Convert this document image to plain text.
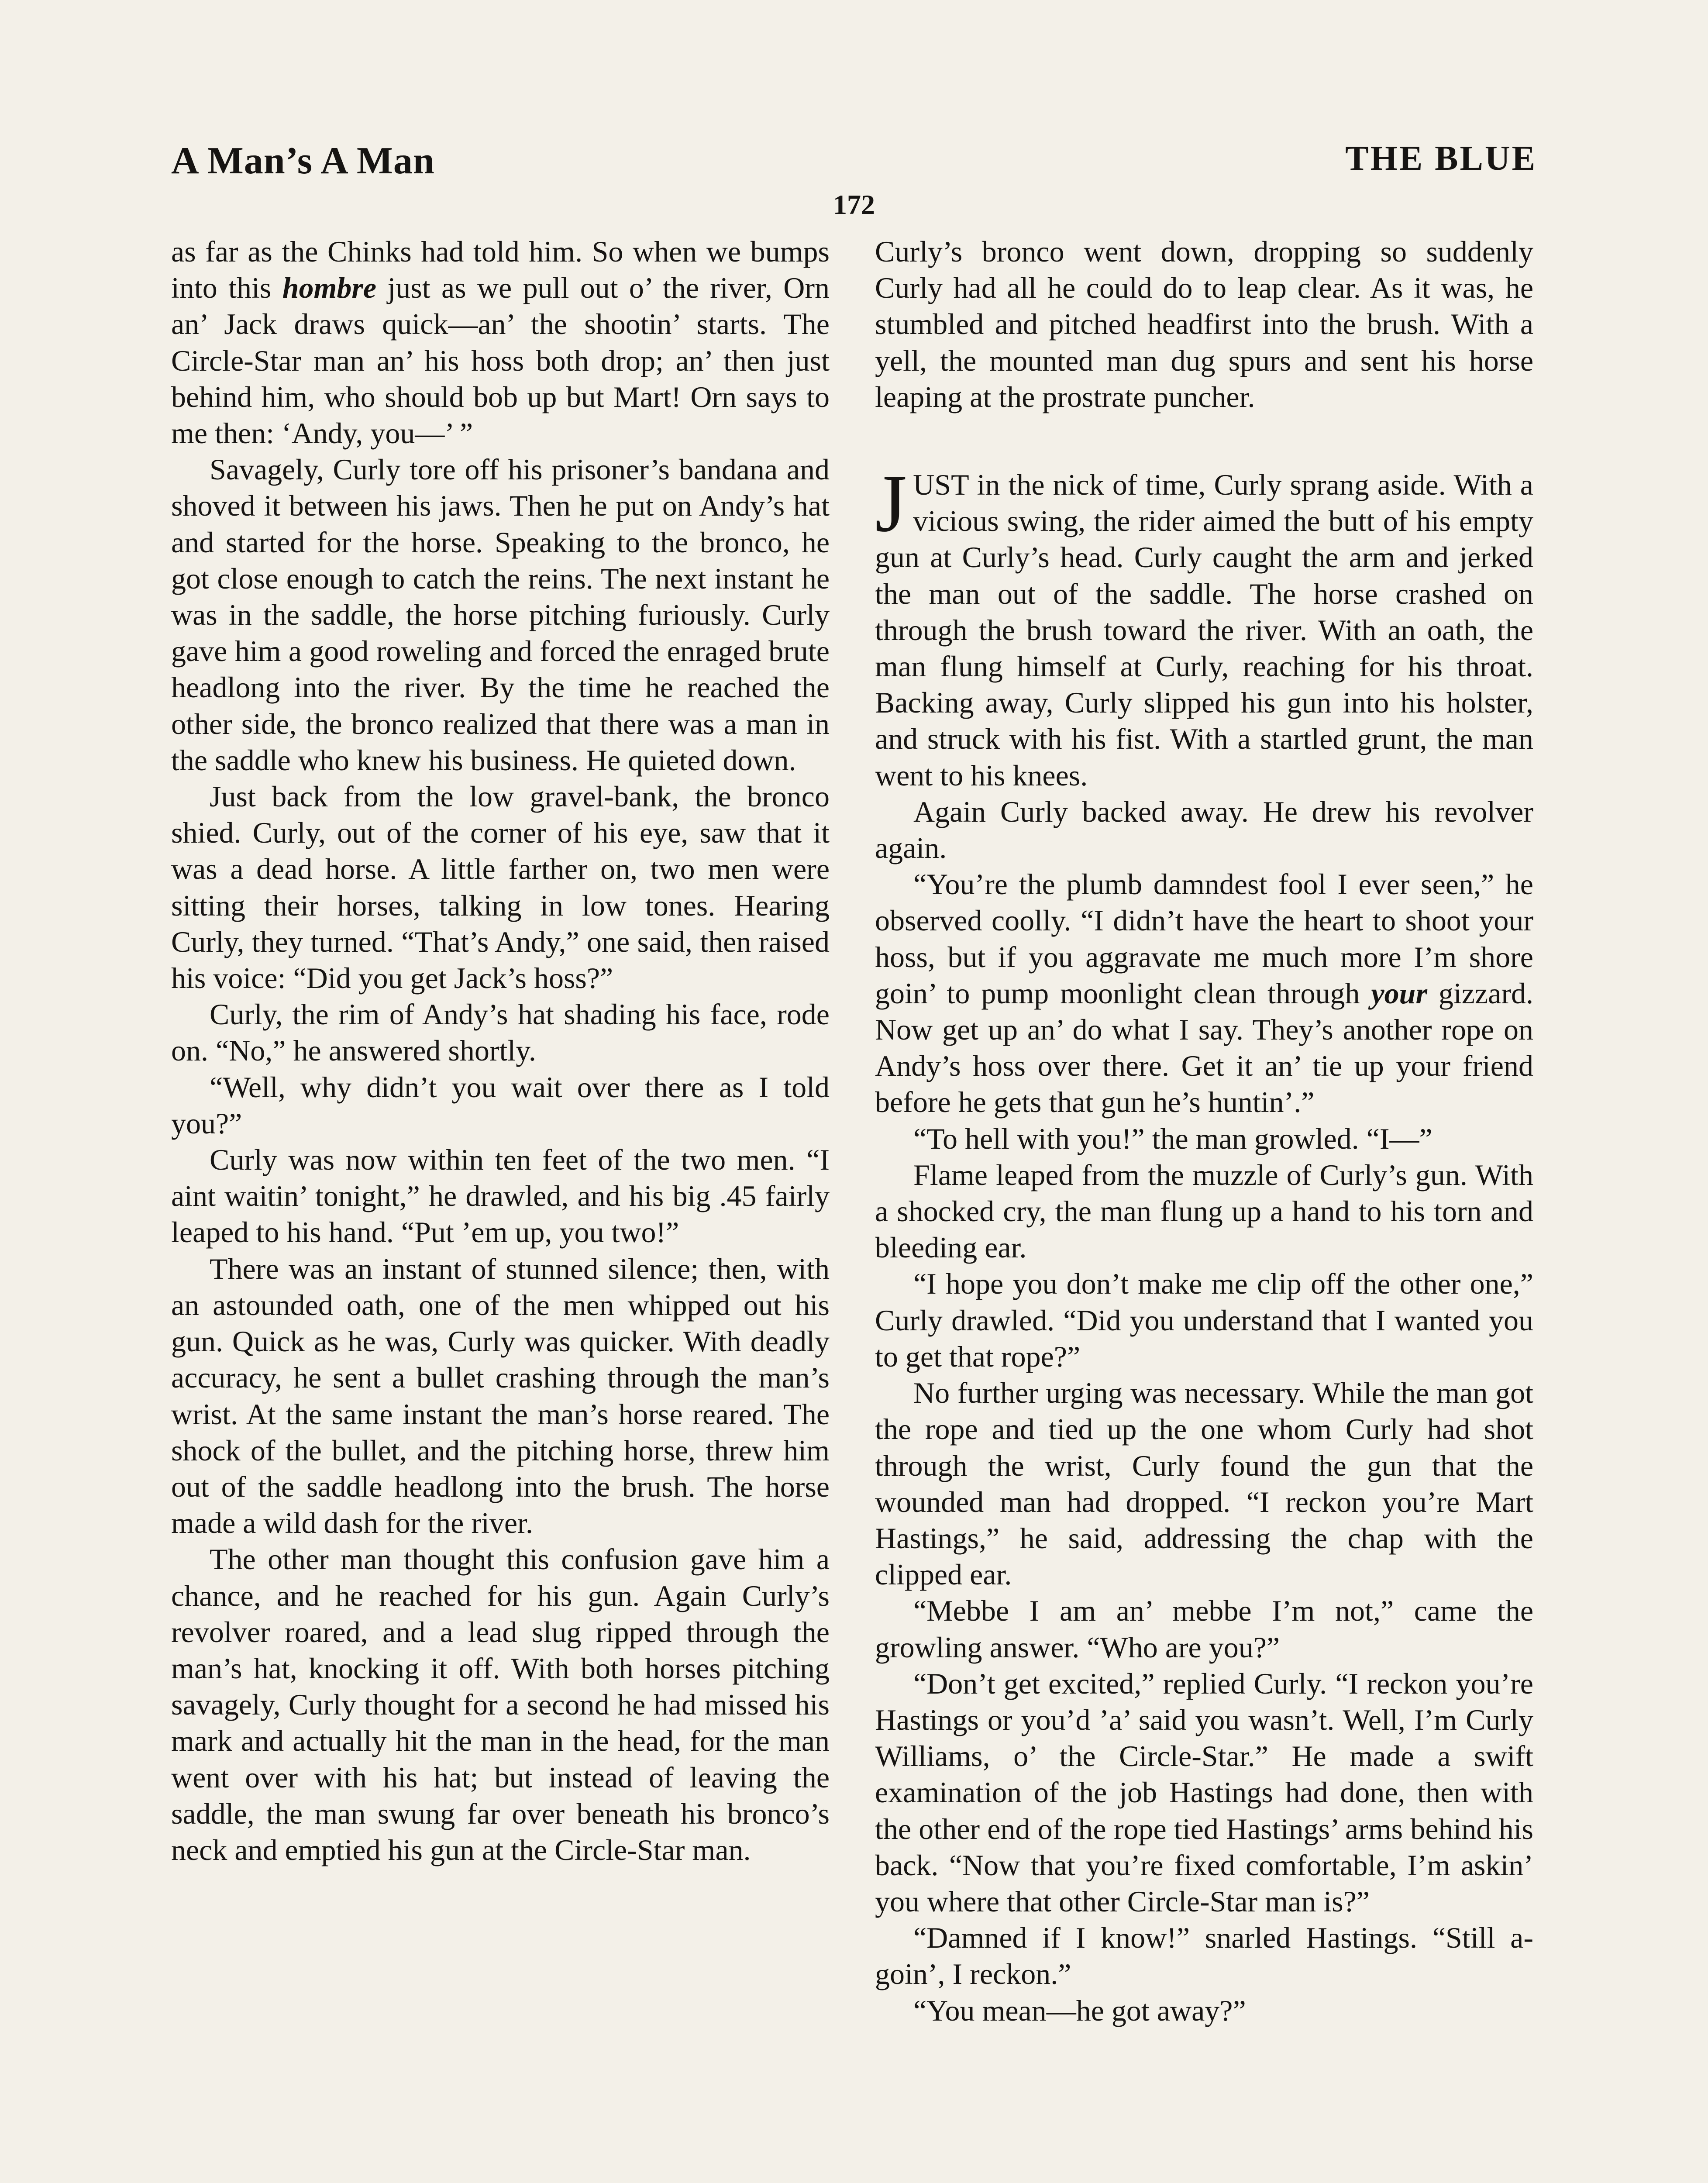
A Man’s A Man	THE BLUE
172

as far as the Chinks had told him. So when we bumps into this hombre just as we pull out o’ the river, Orn an’ Jack draws quick—an’ the shootin’ starts. The Circle-Star man an’ his hoss both drop; an’ then just behind him, who should bob up but Mart! Orn says to me then: ‘Andy, you—’ ”

Savagely, Curly tore off his prisoner’s bandana and shoved it between his jaws. Then he put on Andy’s hat and started for the horse. Speaking to the bronco, he got close enough to catch the reins. The next instant he was in the saddle, the horse pitching furiously. Curly gave him a good roweling and forced the enraged brute headlong into the river. By the time he reached the other side, the bronco realized that there was a man in the saddle who knew his business. He quieted down.

Just back from the low gravel-bank, the bronco shied. Curly, out of the corner of his eye, saw that it was a dead horse. A little farther on, two men were sitting their horses, talking in low tones. Hearing Curly, they turned. “That’s Andy,” one said, then raised his voice: “Did you get Jack’s hoss?”

Curly, the rim of Andy’s hat shading his face, rode on. “No,” he answered shortly.

“Well, why didn’t you wait over there as I told you?”

Curly was now within ten feet of the two men. “I aint waitin’ tonight,” he drawled, and his big .45 fairly leaped to his hand. “Put ’em up, you two!”

There was an instant of stunned silence; then, with an astounded oath, one of the men whipped out his gun. Quick as he was, Curly was quicker. With deadly accuracy, he sent a bullet crashing through the man’s wrist. At the same instant the man’s horse reared. The shock of the bullet, and the pitching horse, threw him out of the saddle headlong into the brush. The horse made a wild dash for the river.

The other man thought this confusion gave him a chance, and he reached for his gun. Again Curly’s revolver roared, and a lead slug ripped through the man’s hat, knocking it off. With both horses pitching savagely, Curly thought for a second he had missed his mark and actually hit the man in the head, for the man went over with his hat; but instead of leaving the saddle, the man swung far over beneath his bronco’s neck and emptied his gun at the Circle-Star man.

Curly’s bronco went down, dropping so suddenly Curly had all he could do to leap clear. As it was, he stumbled and pitched headfirst into the brush. With a yell, the mounted man dug spurs and sent his horse leaping at the prostrate puncher.

JUST in the nick of time, Curly sprang aside. With a vicious swing, the rider aimed the butt of his empty gun at Curly’s head. Curly caught the arm and jerked the man out of the saddle. The horse crashed on through the brush toward the river. With an oath, the man flung himself at Curly, reaching for his throat. Backing away, Curly slipped his gun into his holster, and struck with his fist. With a startled grunt, the man went to his knees.

Again Curly backed away. He drew his revolver again.

“You’re the plumb damndest fool I ever seen,” he observed coolly. “I didn’t have the heart to shoot your hoss, but if you aggravate me much more I’m shore goin’ to pump moonlight clean through your gizzard. Now get up an’ do what I say. They’s another rope on Andy’s hoss over there. Get it an’ tie up your friend before he gets that gun he’s huntin’.”

“To hell with you!” the man growled. “I—”

Flame leaped from the muzzle of Curly’s gun. With a shocked cry, the man flung up a hand to his torn and bleeding ear.

“I hope you don’t make me clip off the other one,” Curly drawled. “Did you understand that I wanted you to get that rope?”

No further urging was necessary. While the man got the rope and tied up the one whom Curly had shot through the wrist, Curly found the gun that the wounded man had dropped. “I reckon you’re Mart Hastings,” he said, addressing the chap with the clipped ear.

“Mebbe I am an’ mebbe I’m not,” came the growling answer. “Who are you?”

“Don’t get excited,” replied Curly. “I reckon you’re Hastings or you’d ’a’ said you wasn’t. Well, I’m Curly Williams, o’ the Circle-Star.” He made a swift examination of the job Hastings had done, then with the other end of the rope tied Hastings’ arms behind his back. “Now that you’re fixed comfortable, I’m askin’ you where that other Circle-Star man is?”

“Damned if I know!” snarled Hastings. “Still a-goin’, I reckon.”

“You mean—he got away?”
